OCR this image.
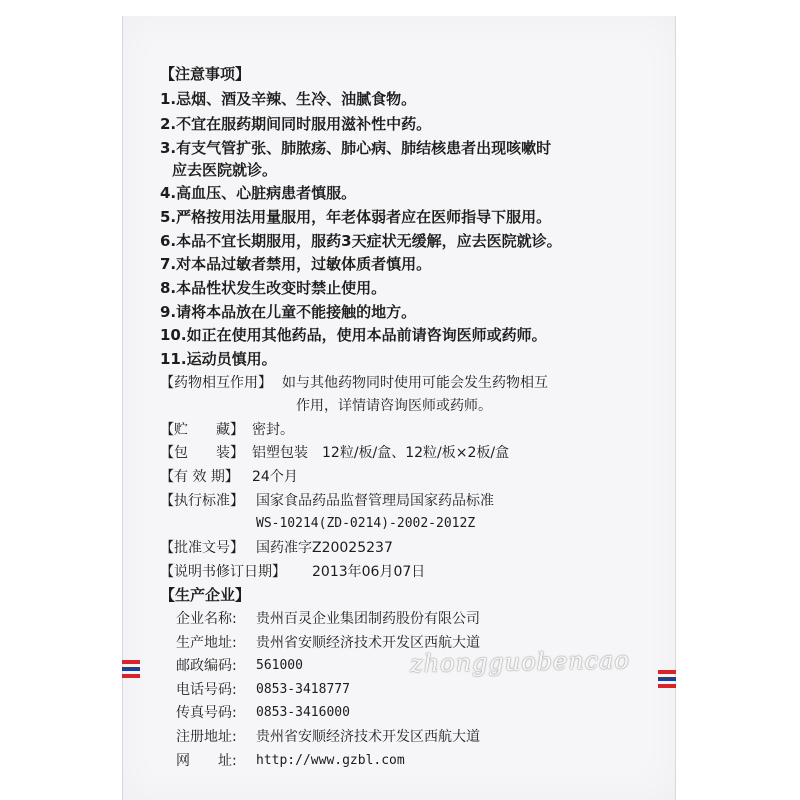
【注意事项】
1.忌烟、酒及辛辣、生冷、油腻食物。
2.不宜在服药期间同时服用滋补性中药。
3.有支气管扩张、肺脓疡、肺心病、肺结核患者出现咳嗽时
应去医院就诊。
4.高血压、心脏病患者慎服。
5.严格按用法用量服用，年老体弱者应在医师指导下服用。
6.本品不宜长期服用，服药3天症状无缓解，应去医院就诊。
7.对本品过敏者禁用，过敏体质者慎用。
8.本品性状发生改变时禁止使用。
9.请将本品放在儿童不能接触的地方。
10.如正在使用其他药品，使用本品前请咨询医师或药师。
11.运动员慎用。
【药物相互作用】 如与其他药物同时使用可能会发生药物相互
作用，详情请咨询医师或药师。
【贮　　藏】 密封。
【包　　装】 铝塑包装　12粒/板/盒、12粒/板×2板/盒
【有 效 期】 24个月
【执行标准】 国家食品药品监督管理局国家药品标准
WS-10214(ZD-0214)-2002-2012Z
【批准文号】 国药准字Z20025237
【说明书修订日期】 2013年06月07日
【生产企业】
企业名称: 贵州百灵企业集团制药股份有限公司
生产地址: 贵州省安顺经济技术开发区西航大道
邮政编码: 561000
电话号码: 0853-3418777
传真号码: 0853-3416000
注册地址: 贵州省安顺经济技术开发区西航大道
网　　址: http://www.gzbl.com
zhongguobencao
